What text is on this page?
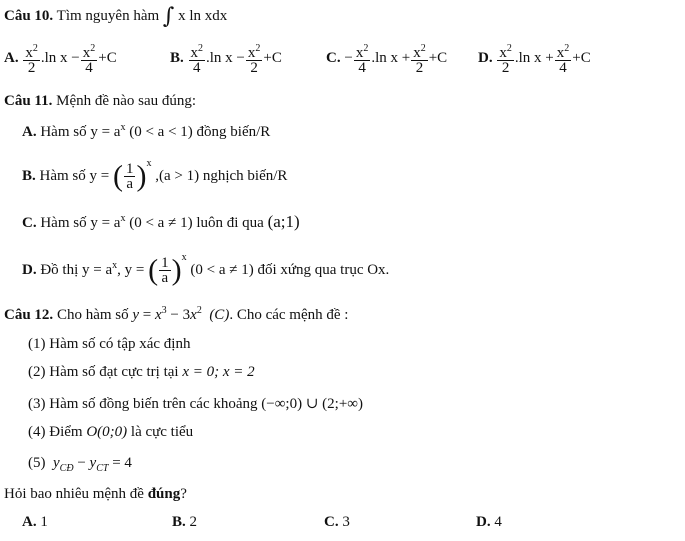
Câu 10. Tìm nguyên hàm ∫ x ln xdx
A. $\frac{x^2}{2} .\ln$ $x - \frac{x^2}{4} +C$	B. $\frac{x^2}{4} .\ln$ $x - \frac{x^2}{2} +C$	C. − $\frac{x^2}{4} .\ln$ $x + \frac{x^2}{2} +C$ D. $\frac{x^2}{2} .\ln$ $x + \frac{x^2}{4} +C$
Câu 11. Mệnh đề nào sau đúng:
A. Hàm số $y = a^x$ (0 < a < 1) đồng biến/R
B. Hàm số y = ( $\frac{1}{a} )^x$ ,(a > 1) nghịch biến/R
C. Hàm số $y = a^x$ (0 < a ≠ 1) luôn đi qua (a;1)
D. Đồ thị $y = a^x$, y = ( $\frac{1}{a} )^x$ (0 < a ≠ 1) đối xứng qua trục Ox.
Câu 12. Cho hàm số $y = x^3 - 3x^2$ (C). Cho các mệnh đề :
(1) Hàm số có tập xác định
(2) Hàm số đạt cực trị tại x = 0; x = 2
(3) Hàm số đồng biến trên các khoảng (−∞;0) ∪ (2;+∞)
(4) Điểm O(0;0) là cực tiểu
(5) $y_{CĐ} - y_{CT} = 4$
Hỏi bao nhiêu mệnh đề đúng?
A. 1	B. 2	C. 3	D. 4
